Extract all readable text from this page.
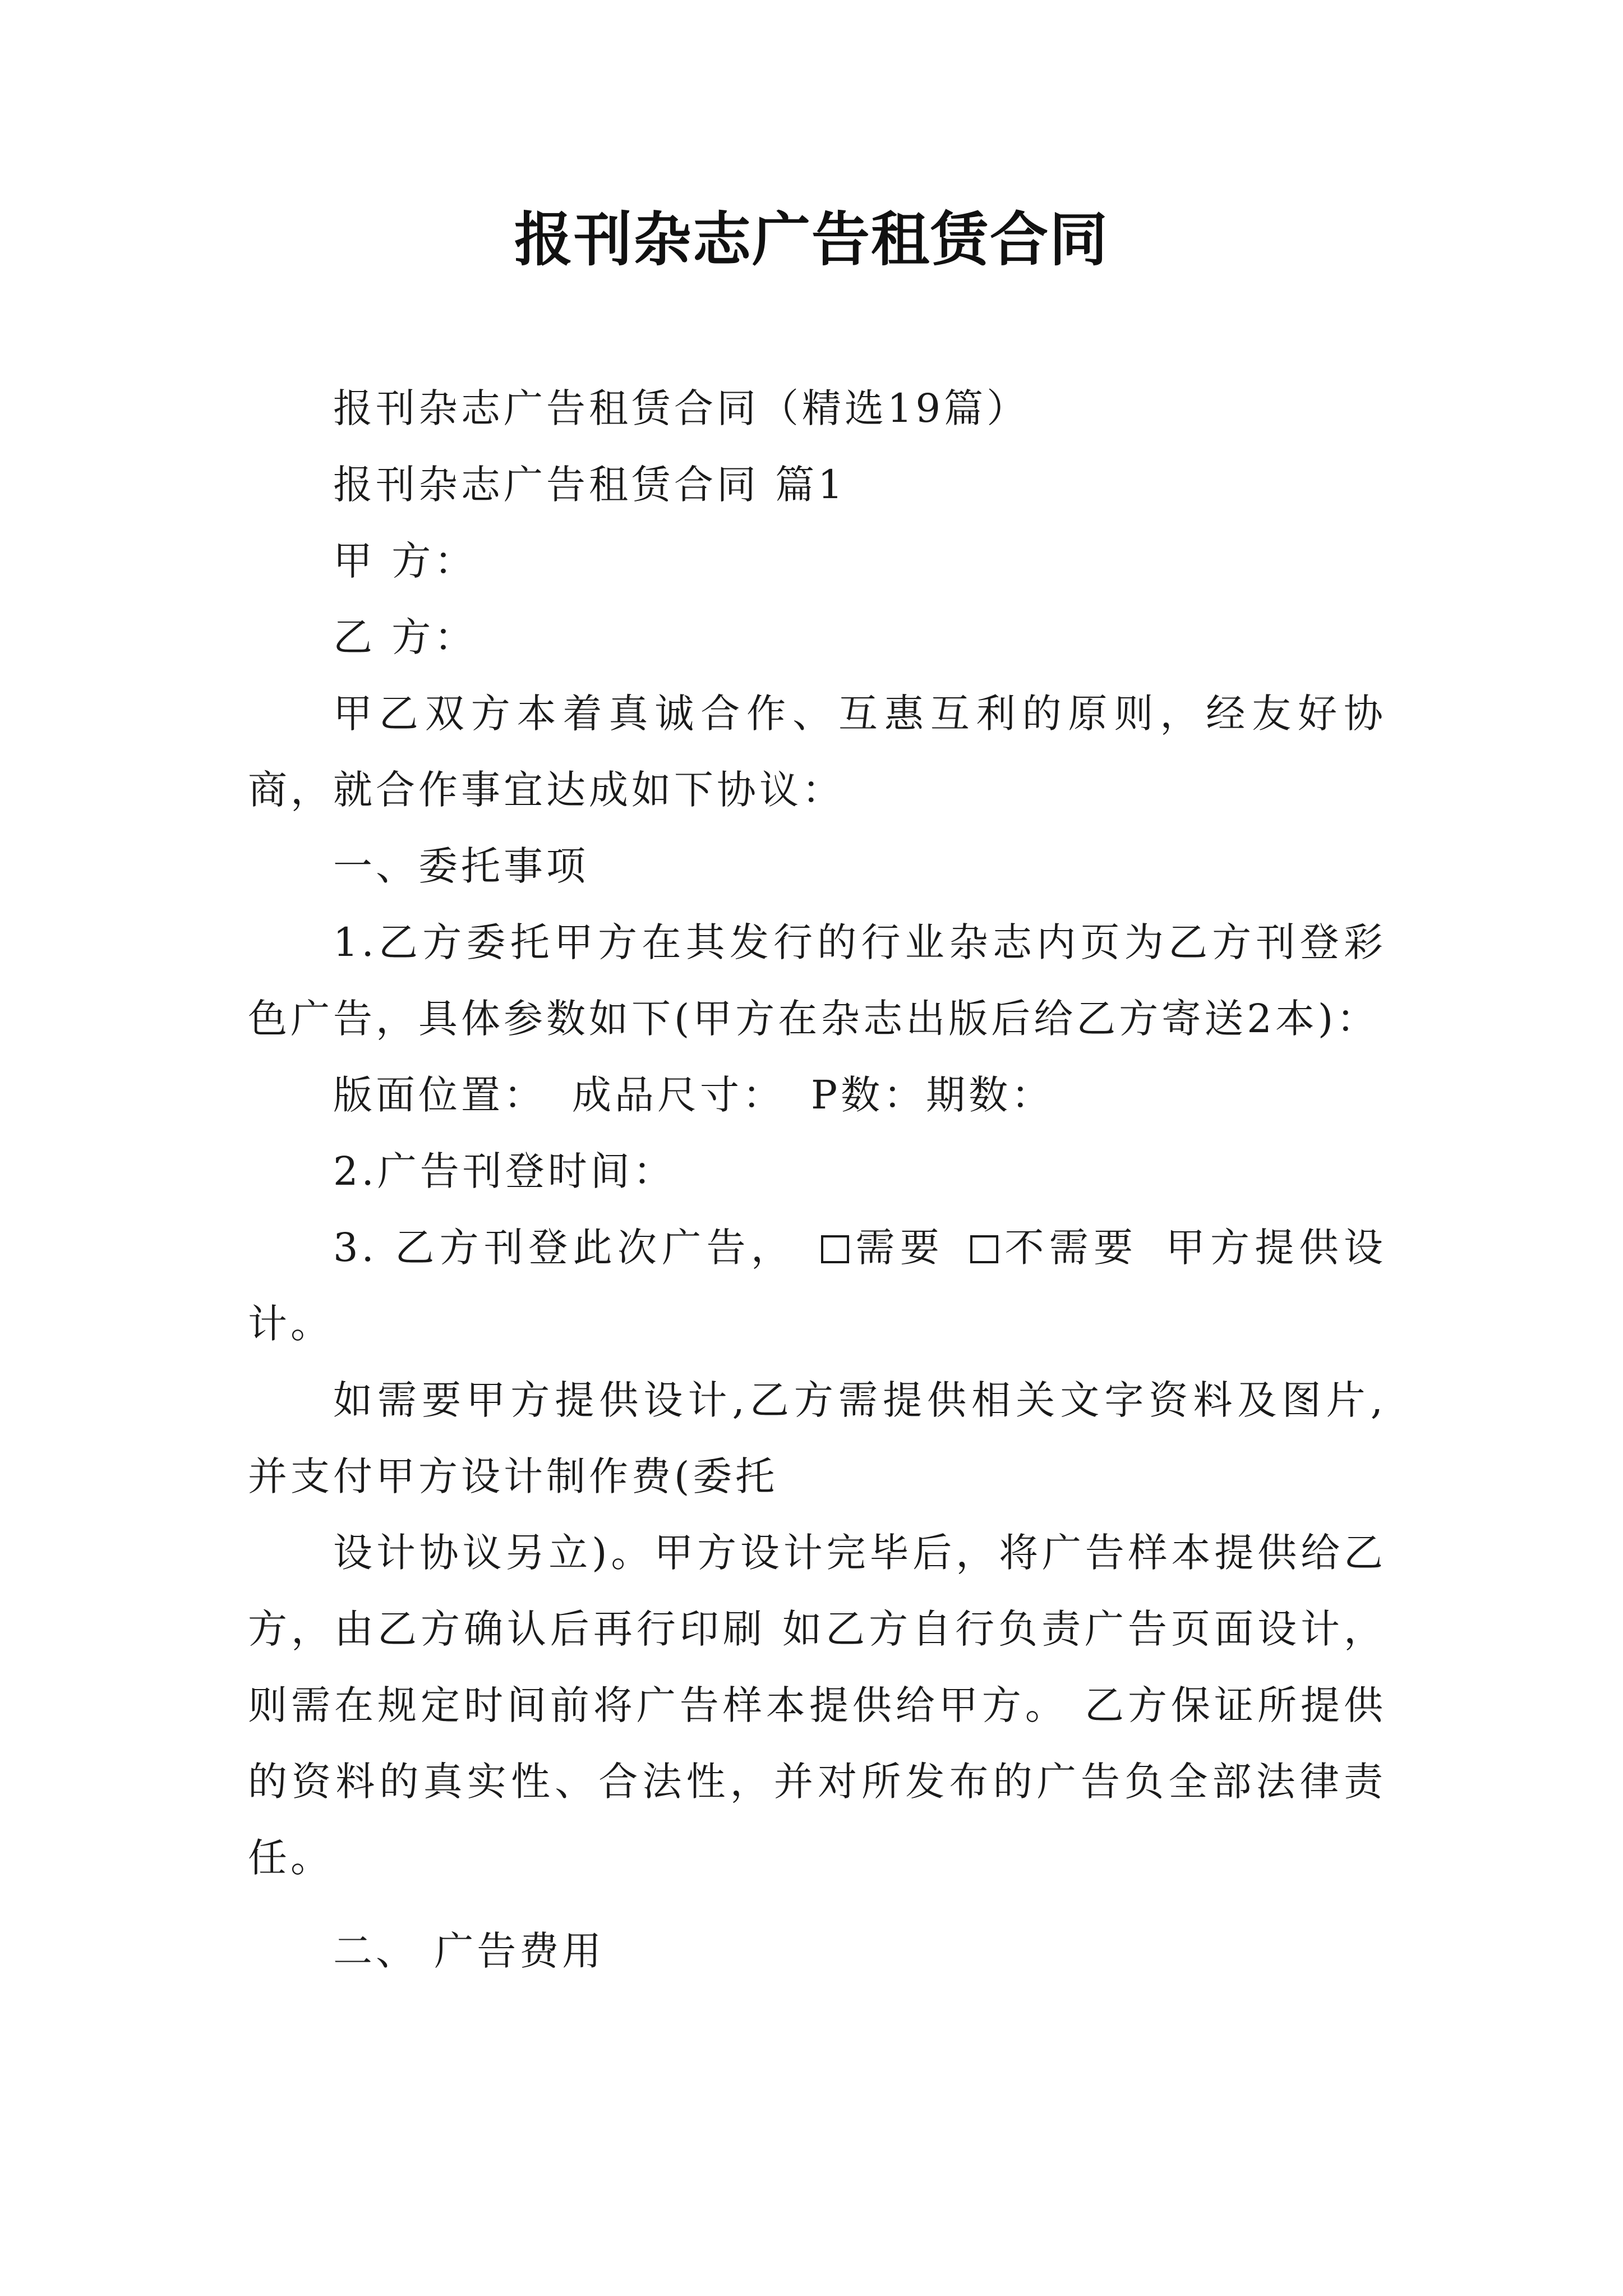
报刊杂志广告租赁合同

报刊杂志广告租赁合同（精选19篇）

报刊杂志广告租赁合同 篇1

甲 方：

乙 方：

甲乙双方本着真诚合作、互惠互利的原则，经友好协商，就合作事宜达成如下协议：

一、委托事项

1.乙方委托甲方在其发行的行业杂志内页为乙方刊登彩色广告，具体参数如下(甲方在杂志出版后给乙方寄送2本)：

版面位置： 成品尺寸： P数：期数：

2.广告刊登时间：

3. 乙方刊登此次广告， 需要 不需要 甲方提供设计。

如需要甲方提供设计,乙方需提供相关文字资料及图片,并支付甲方设计制作费(委托

设计协议另立)。甲方设计完毕后，将广告样本提供给乙方，由乙方确认后再行印刷 如乙方自行负责广告页面设计，则需在规定时间前将广告样本提供给甲方。 乙方保证所提供的资料的真实性、合法性，并对所发布的广告负全部法律责任。

二、 广告费用
